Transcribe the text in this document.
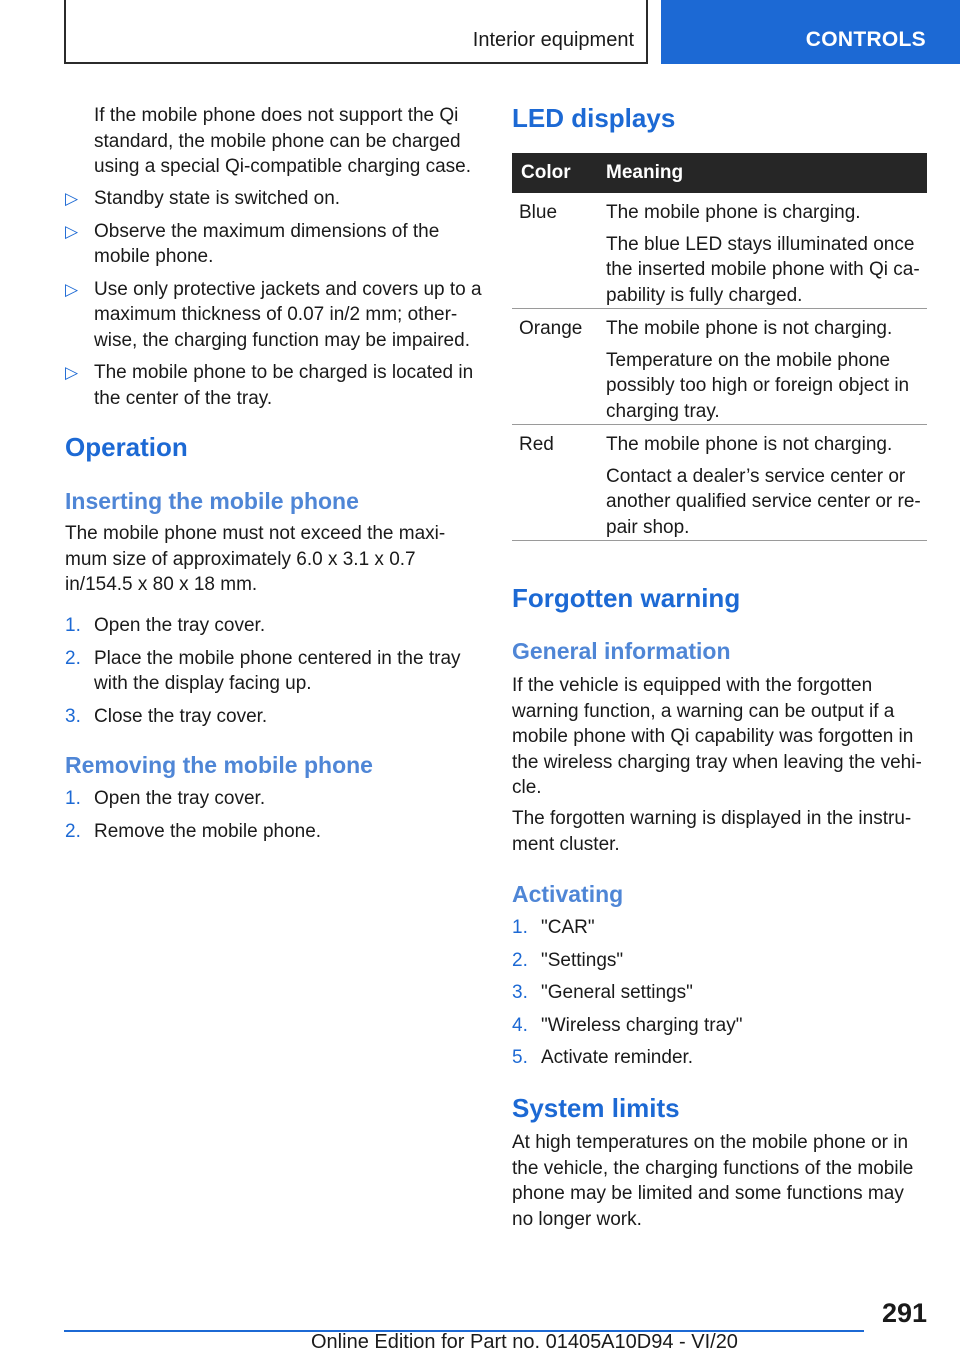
Interior equipment	CONTROLS

If the mobile phone does not support the Qi standard, the mobile phone can be charged using a special Qi-compatible charging case.

▷ Standby state is switched on.
▷ Observe the maximum dimensions of the mobile phone.
▷ Use only protective jackets and covers up to a maximum thickness of 0.07 in/2 mm; otherwise, the charging function may be impaired.
▷ The mobile phone to be charged is located in the center of the tray.
Operation
Inserting the mobile phone

The mobile phone must not exceed the maximum size of approximately 6.0 x 3.1 x 0.7 in/154.5 x 80 x 18 mm.

1. Open the tray cover.
2. Place the mobile phone centered in the tray with the display facing up.
3. Close the tray cover.
Removing the mobile phone
1. Open the tray cover.
2. Remove the mobile phone.
LED displays
Color	Meaning
Blue	The mobile phone is charging.

The blue LED stays illuminated once the inserted mobile phone with Qi capability is fully charged.

Orange	The mobile phone is not charging.

Temperature on the mobile phone possibly too high or foreign object in charging tray.

Red	The mobile phone is not charging.

Contact a dealer’s service center or another qualified service center or repair shop.

Forgotten warning
General information

If the vehicle is equipped with the forgotten warning function, a warning can be output if a mobile phone with Qi capability was forgotten in the wireless charging tray when leaving the vehicle.

The forgotten warning is displayed in the instrument cluster.

Activating
1. "CAR"
2. "Settings"
3. "General settings"
4. "Wireless charging tray"
5. Activate reminder.
System limits

At high temperatures on the mobile phone or in the vehicle, the charging functions of the mobile phone may be limited and some functions may no longer work.

291
Online Edition for Part no. 01405A10D94 - VI/20
